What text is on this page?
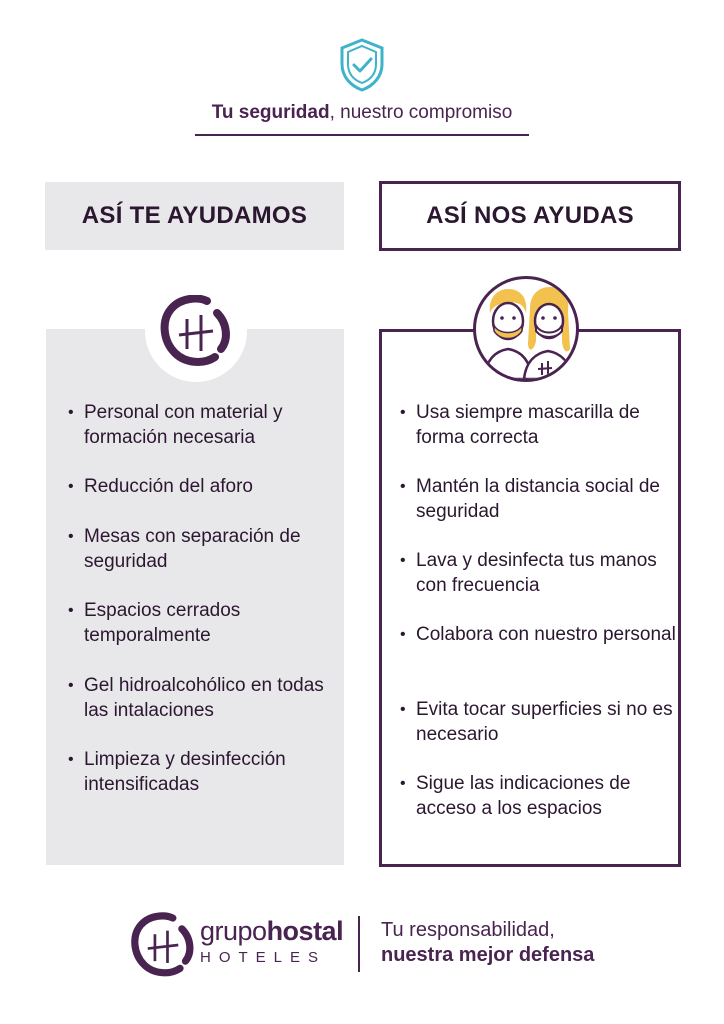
Tu seguridad, nuestro compromiso
ASÍ TE AYUDAMOS	ASÍ NOS AYUDAS
• Personal con material y formación necesaria
• Reducción del aforo
• Mesas con separación de seguridad
• Espacios cerrados temporalmente
• Gel hidroalcohólico en todas las intalaciones
• Limpieza y desinfección intensificadas
• Usa siempre mascarilla de forma correcta
• Mantén la distancia social de seguridad
• Lava y desinfecta tus manos con frecuencia
• Colabora con nuestro personal
• Evita tocar superficies si no es necesario
• Sigue las indicaciones de acceso a los espacios
grupohostal
HOTELES
Tu responsabilidad,
nuestra mejor defensa
